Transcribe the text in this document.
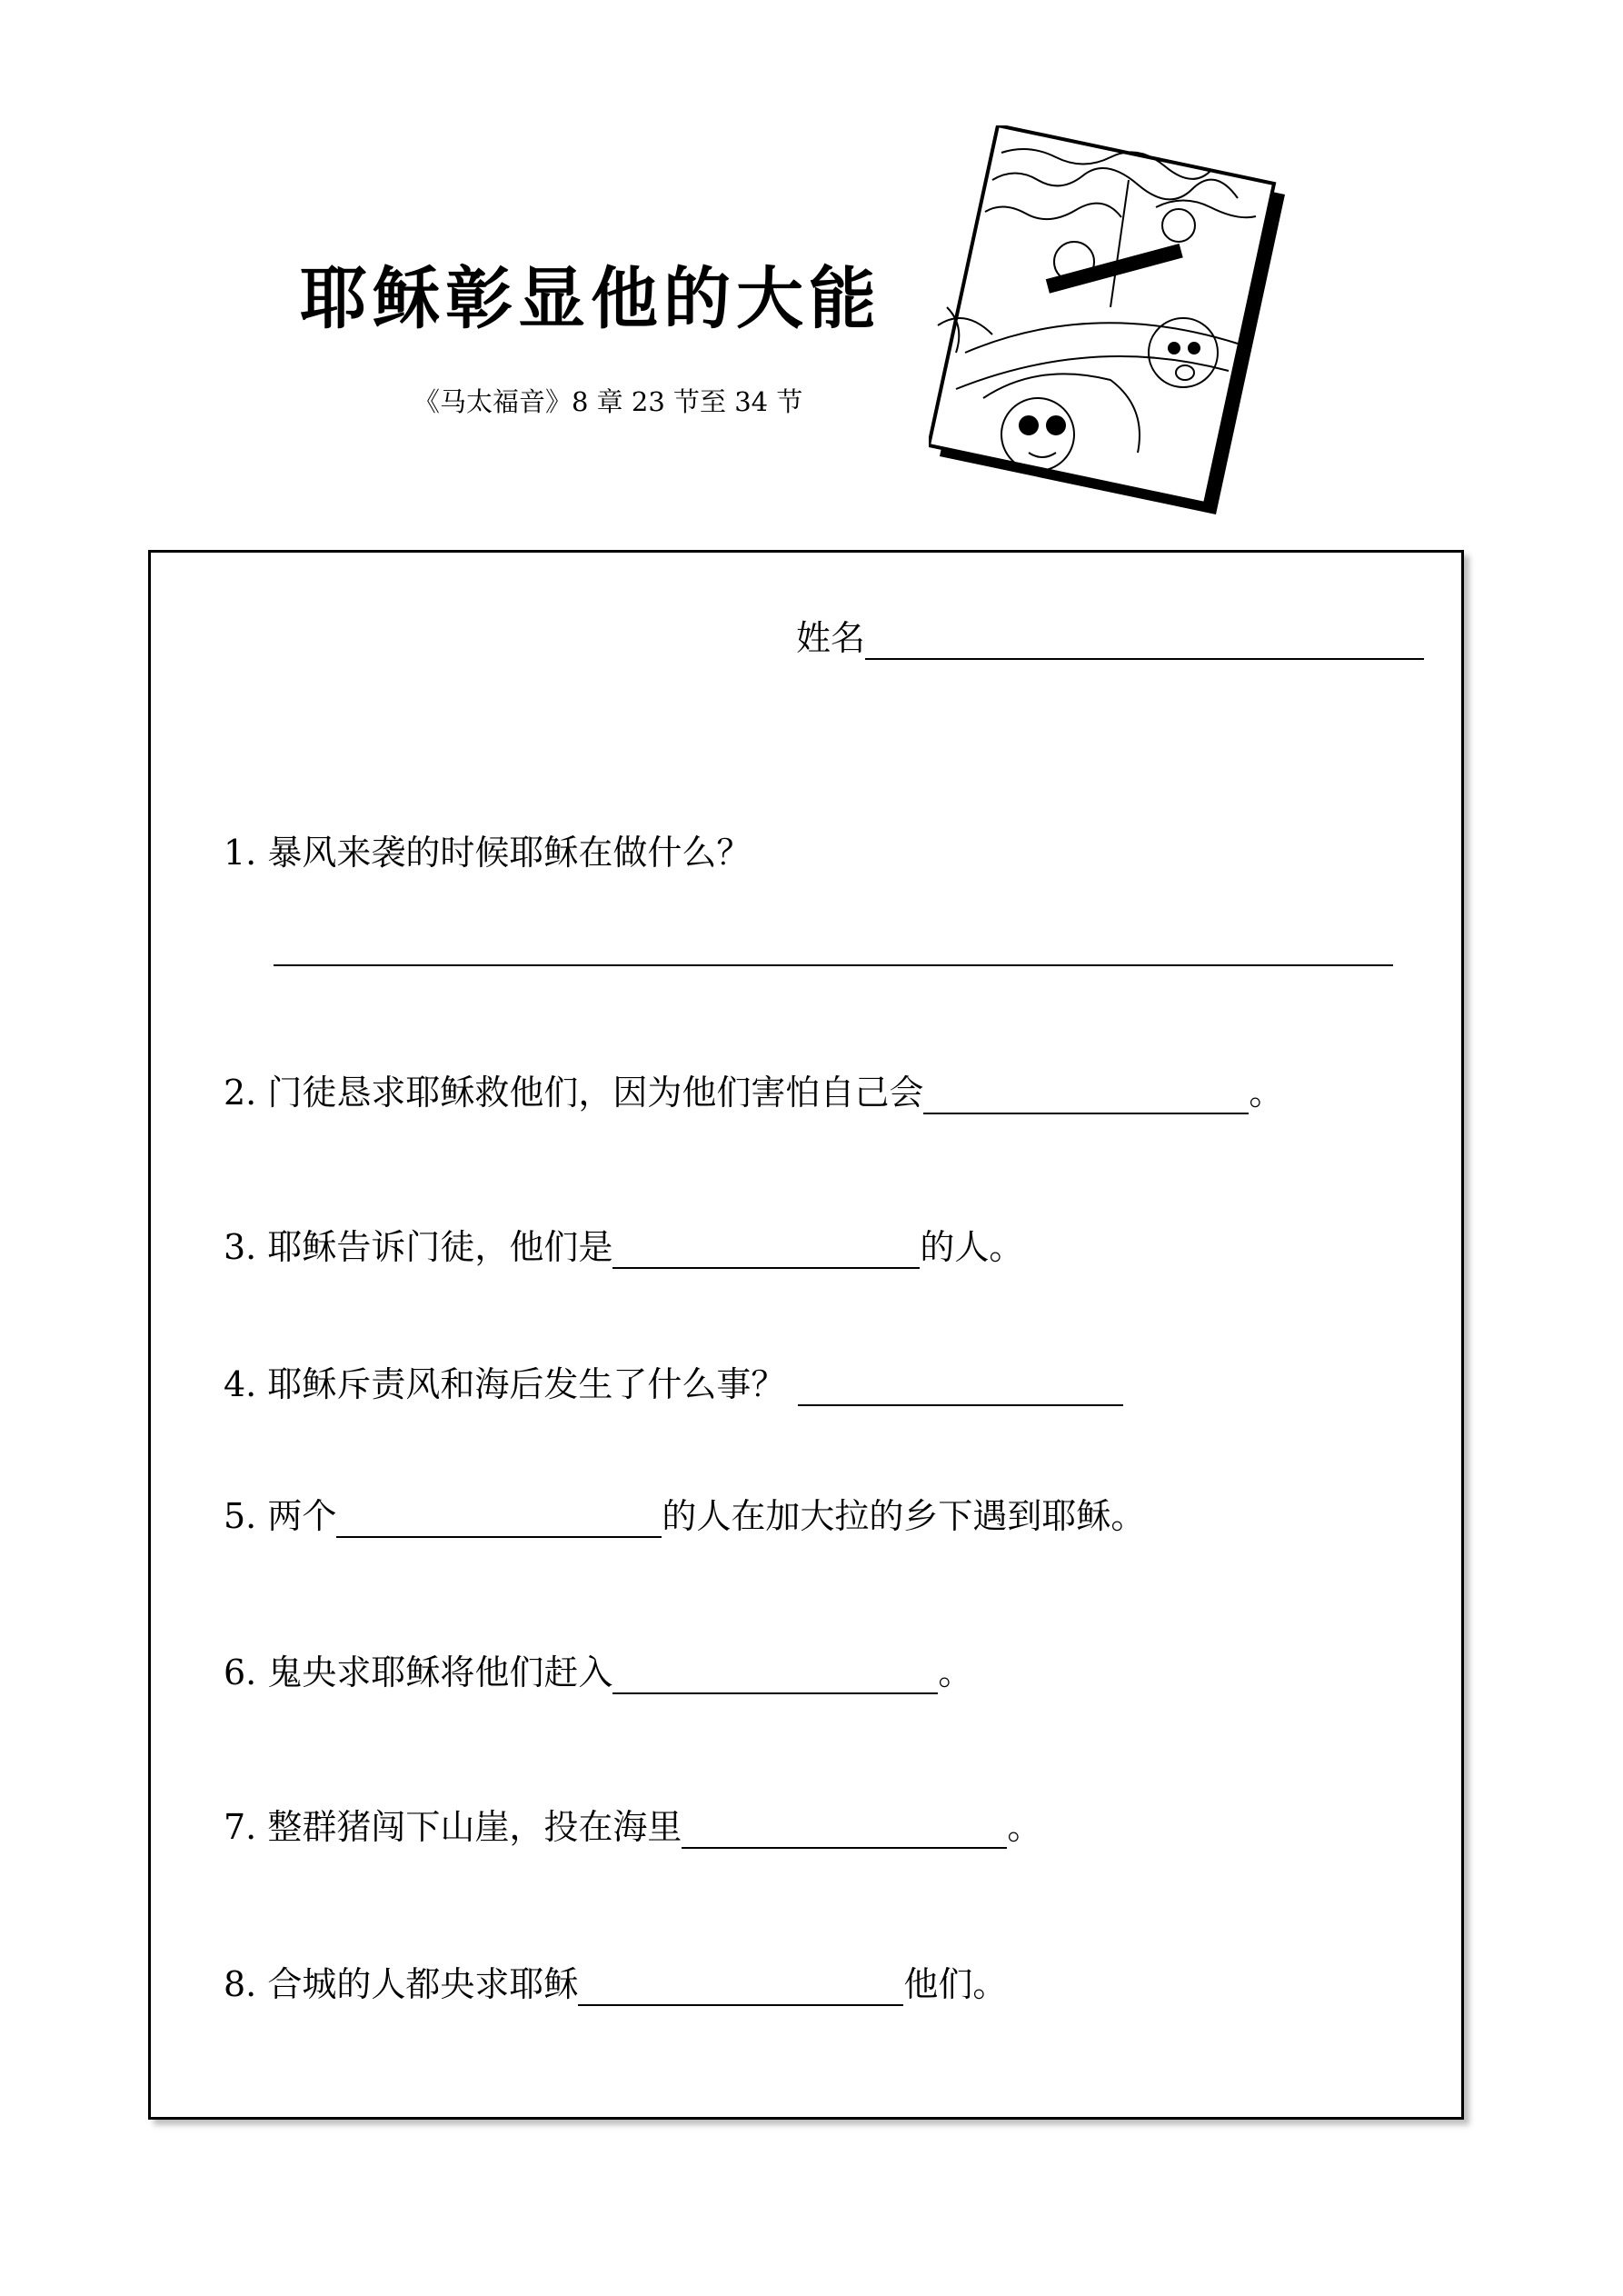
耶稣彰显他的大能
《马太福音》8 章 23 节至 34 节
姓名
1. 暴风来袭的时候耶稣在做什么？
2. 门徒恳求耶稣救他们，因为他们害怕自己会	。
3. 耶稣告诉门徒，他们是	的人。
4. 耶稣斥责风和海后发生了什么事？
5. 两个	的人在加大拉的乡下遇到耶稣。
6. 鬼央求耶稣将他们赶入	。
7. 整群猪闯下山崖，投在海里	。
8. 合城的人都央求耶稣	他们。
